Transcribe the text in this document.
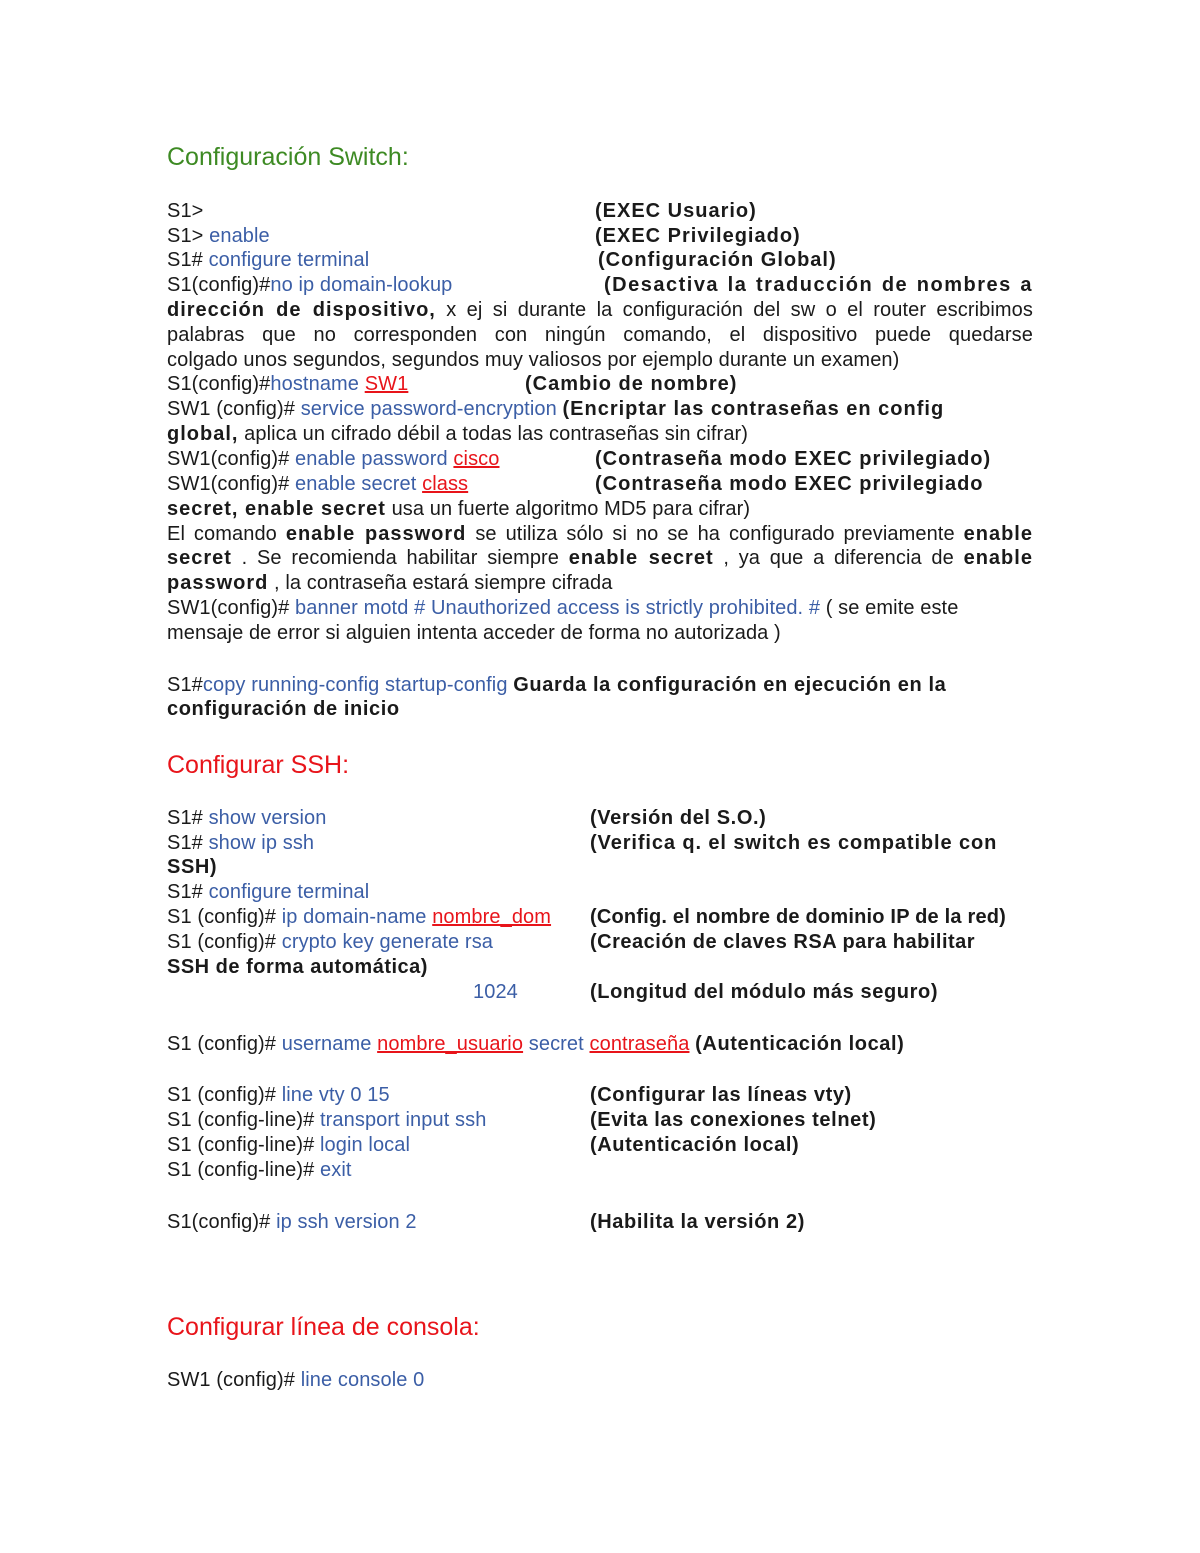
Configuración Switch:
S1>	(EXEC Usuario)
S1> enable	(EXEC Privilegiado)
S1# configure terminal	(Configuración Global)
S1(config)#no ip domain-lookup	(Desactiva la traducción de nombres a
dirección de dispositivo, x ej si durante la configuración del sw o el router escribimos
palabras que no corresponden con ningún comando, el dispositivo puede quedarse
colgado unos segundos, segundos muy valiosos por ejemplo durante un examen)
S1(config)#hostname SW1	(Cambio de nombre)
SW1 (config)# service password-encryption (Encriptar las contraseñas en config
global, aplica un cifrado débil a todas las contraseñas sin cifrar)
SW1(config)# enable password cisco	(Contraseña modo EXEC privilegiado)
SW1(config)# enable secret class	(Contraseña modo EXEC privilegiado
secret, enable secret usa un fuerte algoritmo MD5 para cifrar)
El comando enable password se utiliza sólo si no se ha configurado previamente enable
secret . Se recomienda habilitar siempre enable secret , ya que a diferencia de enable
password , la contraseña estará siempre cifrada
SW1(config)# banner motd # Unauthorized access is strictly prohibited. # ( se emite este
mensaje de error si alguien intenta acceder de forma no autorizada )
S1#copy running-config startup-config Guarda la configuración en ejecución en la
configuración de inicio
Configurar SSH:
S1# show version	(Versión del S.O.)
S1# show ip ssh	(Verifica q. el switch es compatible con
SSH)
S1# configure terminal
S1 (config)# ip domain-name nombre_dom (Config. el nombre de dominio IP de la red)
S1 (config)# crypto key generate rsa	(Creación de claves RSA para habilitar
SSH de forma automática)
1024	(Longitud del módulo más seguro)
S1 (config)# username nombre_usuario secret contraseña (Autenticación local)
S1 (config)# line vty 0 15	(Configurar las líneas vty)
S1 (config-line)# transport input ssh	(Evita las conexiones telnet)
S1 (config-line)# login local	(Autenticación local)
S1 (config-line)# exit
S1(config)# ip ssh version 2	(Habilita la versión 2)
Configurar línea de consola:
SW1 (config)# line console 0
